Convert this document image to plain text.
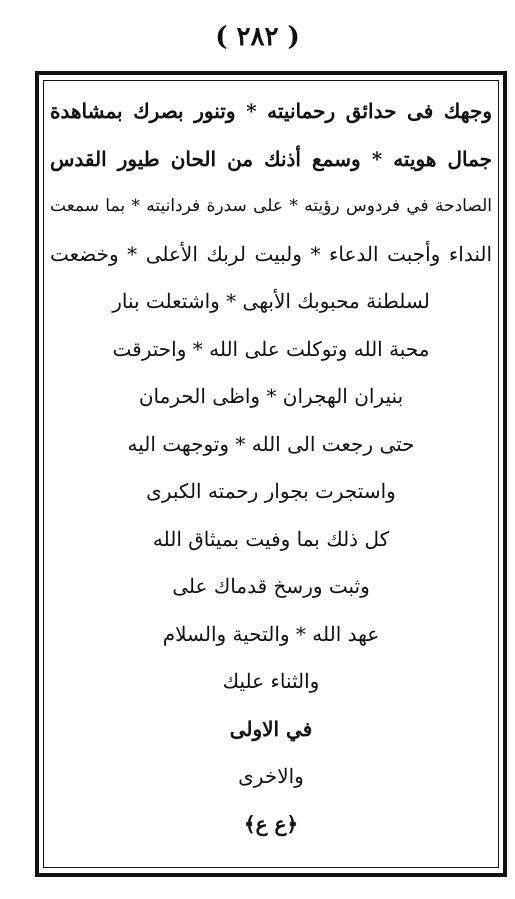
( ٢٨٢ )
وجهك فى حدائق رحمانيته * وتنور بصرك بمشاهدة
جمال هويته * وسمع أذنك من الحان طيور القدس
الصادحة في فردوس رؤيته * على سدرة فردانيته * بما سمعت
النداء وأجبت الدعاء * ولبيت لربك الأعلى * وخضعت
لسلطنة محبوبك الأبهى * واشتعلت بنار
محبة الله وتوكلت على الله * واحترقت
بنيران الهجران * واظى الحرمان
حتى رجعت الى الله * وتوجهت اليه
واستجرت بجوار رحمته الكبرى
كل ذلك بما وفيت بميثاق الله
وثبت ورسخ قدماك على
عهد الله * والتحية والسلام
والثناء عليك
في الاولى
والاخرى
﴿ع ع﴾
